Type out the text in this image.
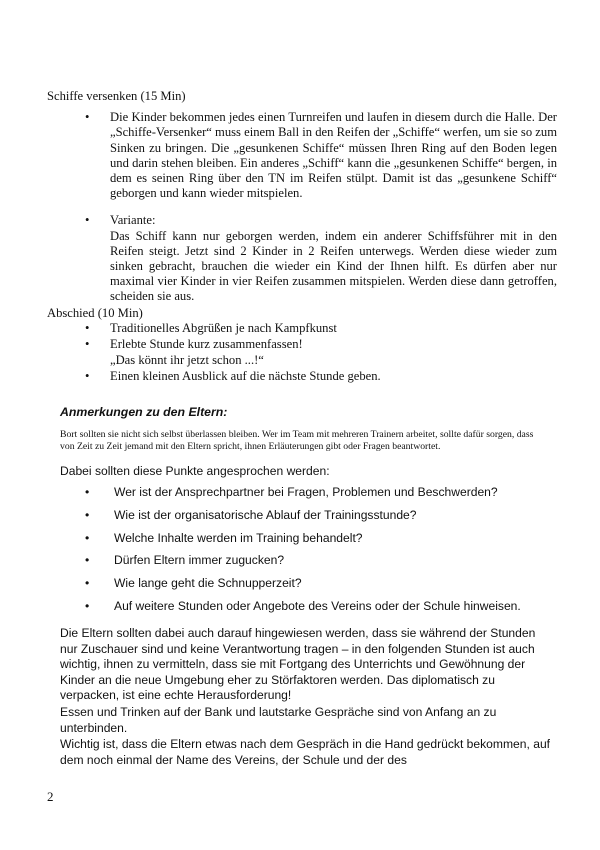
Schiffe versenken (15 Min)

• Die Kinder bekommen jedes einen Turnreifen und laufen in diesem durch die Halle. Der „Schiffe-Versenker“ muss einem Ball in den Reifen der „Schiffe“ werfen, um sie so zum Sinken zu bringen. Die „gesunkenen Schiffe“ müssen Ihren Ring auf den Boden legen und darin stehen bleiben. Ein anderes „Schiff“ kann die „gesunkenen Schiffe“ bergen, in dem es seinen Ring über den TN im Reifen stülpt. Damit ist das „gesunkene Schiff“ geborgen und kann wieder mitspielen.

• Variante:

Das Schiff kann nur geborgen werden, indem ein anderer Schiffsführer mit in den Reifen steigt. Jetzt sind 2 Kinder in 2 Reifen unterwegs. Werden diese wieder zum sinken gebracht, brauchen die wieder ein Kind der Ihnen hilft. Es dürfen aber nur maximal vier Kinder in vier Reifen zusammen mitspielen. Werden diese dann getroffen, scheiden sie aus.

Abschied (10 Min)

• Traditionelles Abgrüßen je nach Kampfkunst
• Erlebte Stunde kurz zusammenfassen!
„Das könnt ihr jetzt schon ...!“
• Einen kleinen Ausblick auf die nächste Stunde geben.

Anmerkungen zu den Eltern:

Bort sollten sie nicht sich selbst überlassen bleiben. Wer im Team mit mehreren Trainern arbeitet, sollte dafür sorgen, dass von Zeit zu Zeit jemand mit den Eltern spricht, ihnen Erläuterungen gibt oder Fragen beantwortet.

Dabei sollten diese Punkte angesprochen werden:

• Wer ist der Ansprechpartner bei Fragen, Problemen und Beschwerden?
• Wie ist der organisatorische Ablauf der Trainingsstunde?
• Welche Inhalte werden im Training behandelt?
• Dürfen Eltern immer zugucken?
• Wie lange geht die Schnupperzeit?
• Auf weitere Stunden oder Angebote des Vereins oder der Schule hinweisen.

Die Eltern sollten dabei auch darauf hingewiesen werden, dass sie während der Stunden nur Zuschauer sind und keine Verantwortung tragen – in den folgenden Stunden ist auch wichtig, ihnen zu vermitteln, dass sie mit Fortgang des Unterrichts und Gewöhnung der Kinder an die neue Umgebung eher zu Störfaktoren werden. Das diplomatisch zu verpacken, ist eine echte Herausforderung!

Essen und Trinken auf der Bank und lautstarke Gespräche sind von Anfang an zu unterbinden.

Wichtig ist, dass die Eltern etwas nach dem Gespräch in die Hand gedrückt bekommen, auf dem noch einmal der Name des Vereins, der Schule und der des

2
